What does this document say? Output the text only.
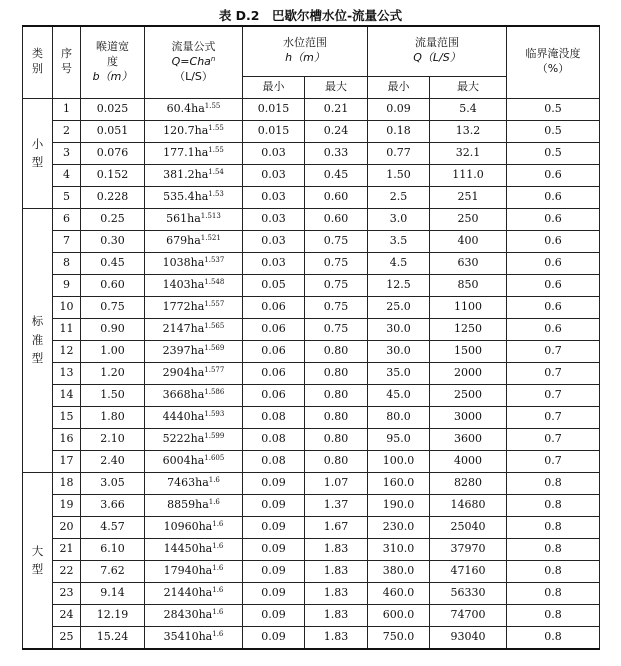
表 D.2　巴歇尔槽水位-流量公式
类
别	序
号	喉道宽
度
b（m）	流量公式
Q=Cha$^n$
（L/S）	水位范围
h（m）		流量范围
Q（L/S）		临界淹没度
（%）

				最小	最大	最小	最大	

小
型	1	0.025	$60.4ha^{1.55}$	0.015	0.21	0.09	5.4	0.5
	2	0.051	$120.7ha^{1.55}$	0.015	0.24	0.18	13.2	0.5
	3	0.076	$177.1ha^{1.55}$	0.03	0.33	0.77	32.1	0.5
	4	0.152	$381.2ha^{1.54}$	0.03	0.45	1.50	111.0	0.6
	5	0.228	$535.4ha^{1.53}$	0.03	0.60	2.5	251	0.6

标
准
型	6	0.25	$561ha^{1.513}$	0.03	0.60	3.0	250	0.6
	7	0.30	$679ha^{1.521}$	0.03	0.75	3.5	400	0.6
	8	0.45	$1038ha^{1.537}$	0.03	0.75	4.5	630	0.6
	9	0.60	$1403ha^{1.548}$	0.05	0.75	12.5	850	0.6
	10	0.75	$1772ha^{1.557}$	0.06	0.75	25.0	1100	0.6
	11	0.90	$2147ha^{1.565}$	0.06	0.75	30.0	1250	0.6
	12	1.00	$2397ha^{1.569}$	0.06	0.80	30.0	1500	0.7
	13	1.20	$2904ha^{1.577}$	0.06	0.80	35.0	2000	0.7
	14	1.50	$3668ha^{1.586}$	0.06	0.80	45.0	2500	0.7
	15	1.80	$4440ha^{1.593}$	0.08	0.80	80.0	3000	0.7
	16	2.10	$5222ha^{1.599}$	0.08	0.80	95.0	3600	0.7
	17	2.40	$6004ha^{1.605}$	0.08	0.80	100.0	4000	0.7

大
型	18	3.05	$7463ha^{1.6}$	0.09	1.07	160.0	8280	0.8
	19	3.66	$8859ha^{1.6}$	0.09	1.37	190.0	14680	0.8
	20	4.57	$10960ha^{1.6}$	0.09	1.67	230.0	25040	0.8
	21	6.10	$14450ha^{1.6}$	0.09	1.83	310.0	37970	0.8
	22	7.62	$17940ha^{1.6}$	0.09	1.83	380.0	47160	0.8
	23	9.14	$21440ha^{1.6}$	0.09	1.83	460.0	56330	0.8
	24	12.19	$28430ha^{1.6}$	0.09	1.83	600.0	74700	0.8
	25	15.24	$35410ha^{1.6}$	0.09	1.83	750.0	93040	0.8
